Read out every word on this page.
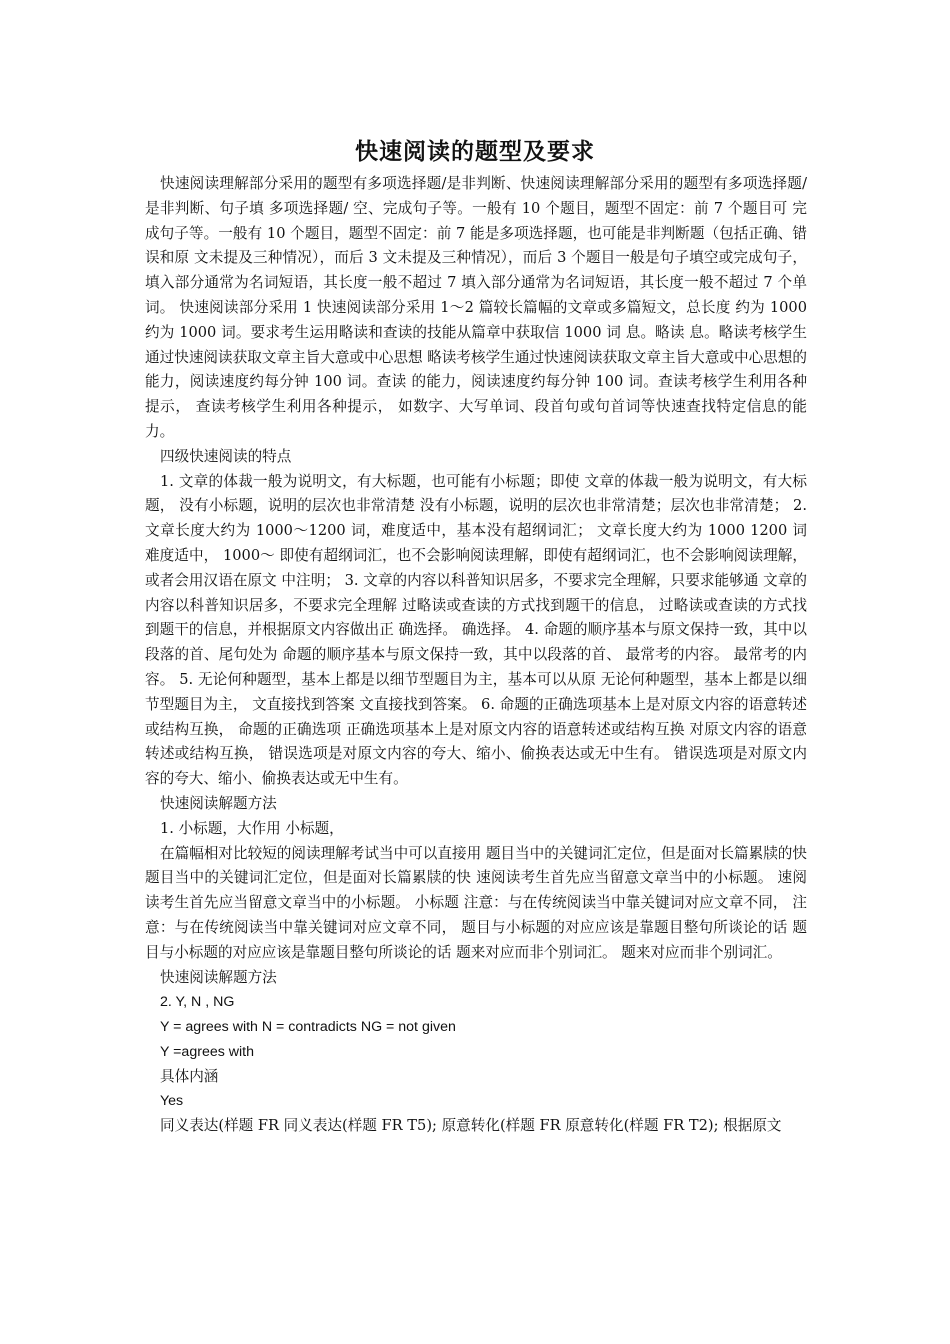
快速阅读的题型及要求

快速阅读理解部分采用的题型有多项选择题/是非判断、快速阅读理解部分采用的题型有多项选择题/是非判断、句子填 多项选择题/ 空、完成句子等。一般有 10 个题目，题型不固定：前 7 个题目可 完成句子等。一般有 10 个题目，题型不固定：前 7 能是多项选择题，也可能是非判断题（包括正确、错误和原 文未提及三种情况），而后 3 文未提及三种情况），而后 3 个题目一般是句子填空或完成句子， 填入部分通常为名词短语，其长度一般不超过 7 填入部分通常为名词短语，其长度一般不超过 7 个单词。 快速阅读部分采用 1 快速阅读部分采用 1～2 篇较长篇幅的文章或多篇短文，总长度 约为 1000 约为 1000 词。要求考生运用略读和查读的技能从篇章中获取信 1000 词 息。略读 息。略读考核学生通过快速阅读获取文章主旨大意或中心思想 略读考核学生通过快速阅读获取文章主旨大意或中心思想的能力，阅读速度约每分钟 100 词。查读 的能力，阅读速度约每分钟 100 词。查读考核学生利用各种提示， 查读考核学生利用各种提示， 如数字、大写单词、段首句或句首词等快速查找特定信息的能 力。

四级快速阅读的特点

1. 文章的体裁一般为说明文，有大标题，也可能有小标题；即使 文章的体裁一般为说明文，有大标题， 没有小标题，说明的层次也非常清楚 没有小标题，说明的层次也非常清楚；层次也非常清楚； 2. 文章长度大约为 1000～1200 词，难度适中，基本没有超纲词汇； 文章长度大约为 1000 1200 词 难度适中， 1000～ 即使有超纲词汇，也不会影响阅读理解，即使有超纲词汇，也不会影响阅读理解，或者会用汉语在原文 中注明； 3. 文章的内容以科普知识居多，不要求完全理解，只要求能够通 文章的内容以科普知识居多，不要求完全理解 过略读或查读的方式找到题干的信息， 过略读或查读的方式找到题干的信息，并根据原文内容做出正 确选择。 确选择。 4. 命题的顺序基本与原文保持一致，其中以段落的首、尾句处为 命题的顺序基本与原文保持一致，其中以段落的首、 最常考的内容。 最常考的内容。 5. 无论何种题型，基本上都是以细节型题目为主，基本可以从原 无论何种题型，基本上都是以细节型题目为主， 文直接找到答案 文直接找到答案。 6. 命题的正确选项基本上是对原文内容的语意转述或结构互换， 命题的正确选项 正确选项基本上是对原文内容的语意转述或结构互换 对原文内容的语意转述或结构互换， 错误选项是对原文内容的夸大、缩小、偷换表达或无中生有。 错误选项是对原文内容的夸大、缩小、偷换表达或无中生有。

快速阅读解题方法

1. 小标题，大作用 小标题，

在篇幅相对比较短的阅读理解考试当中可以直接用 题目当中的关键词汇定位，但是面对长篇累牍的快 题目当中的关键词汇定位，但是面对长篇累牍的快 速阅读考生首先应当留意文章当中的小标题。 速阅读考生首先应当留意文章当中的小标题。 小标题 注意：与在传统阅读当中靠关键词对应文章不同， 注意：与在传统阅读当中靠关键词对应文章不同， 题目与小标题的对应应该是靠题目整句所谈论的话 题目与小标题的对应应该是靠题目整句所谈论的话 题来对应而非个别词汇。 题来对应而非个别词汇。

快速阅读解题方法

2. Y, N , NG

Y = agrees with N = contradicts NG = not given

Y =agrees with

具体内涵

Yes

同义表达(样题 FR 同义表达(样题 FR T5); 原意转化(样题 FR 原意转化(样题 FR T2); 根据原文
